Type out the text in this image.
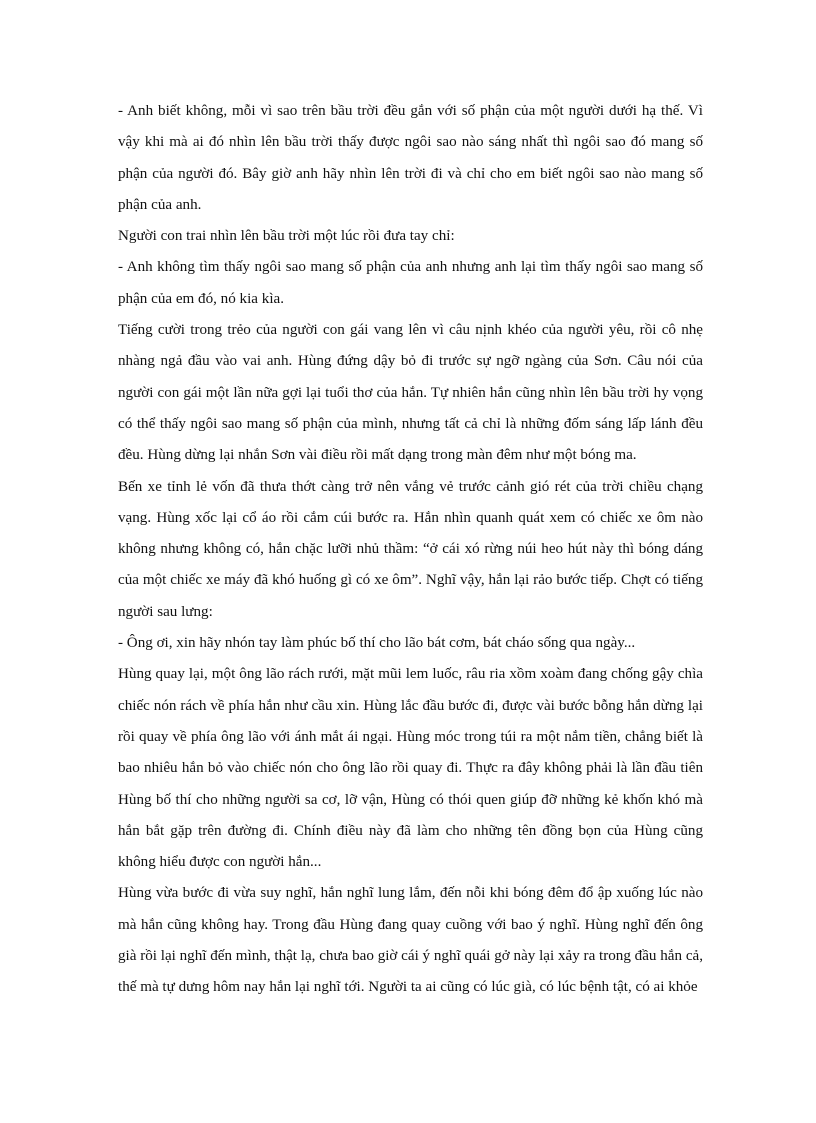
- Anh biết không, mỗi vì sao trên bầu trời đều gắn với số phận của một người dưới hạ thế. Vì vậy khi mà ai đó nhìn lên bầu trời thấy được ngôi sao nào sáng nhất thì ngôi sao đó mang số phận của người đó. Bây giờ anh hãy nhìn lên trời đi và chỉ cho em biết ngôi sao nào mang số phận của anh.

Người con trai nhìn lên bầu trời một lúc rồi đưa tay chỉ:

- Anh không tìm thấy ngôi sao mang số phận của anh nhưng anh lại tìm thấy ngôi sao mang số phận của em đó, nó kia kìa.

Tiếng cười trong trẻo của người con gái vang lên vì câu nịnh khéo của người yêu, rồi cô nhẹ nhàng ngả đầu vào vai anh. Hùng đứng dậy bỏ đi trước sự ngỡ ngàng của Sơn. Câu nói của người con gái một lần nữa gợi lại tuổi thơ của hắn. Tự nhiên hắn cũng nhìn lên bầu trời hy vọng có thể thấy ngôi sao mang số phận của mình, nhưng tất cả chỉ là những đốm sáng lấp lánh đều đều. Hùng dừng lại nhắn Sơn vài điều rồi mất dạng trong màn đêm như một bóng ma.

Bến xe tỉnh lẻ vốn đã thưa thớt càng trở nên vắng vẻ trước cảnh gió rét của trời chiều chạng vạng. Hùng xốc lại cổ áo rồi cắm cúi bước ra. Hắn nhìn quanh quát xem có chiếc xe ôm nào không nhưng không có, hắn chặc lưỡi nhủ thầm: “ở cái xó rừng núi heo hút này thì bóng dáng của một chiếc xe máy đã khó huống gì có xe ôm”. Nghĩ vậy, hắn lại rảo bước tiếp. Chợt có tiếng người sau lưng:

- Ông ơi, xin hãy nhón tay làm phúc bố thí cho lão bát cơm, bát cháo sống qua ngày...

Hùng quay lại, một ông lão rách rưới, mặt mũi lem luốc, râu ria xồm xoàm đang chống gậy chìa chiếc nón rách về phía hắn như cầu xin. Hùng lắc đầu bước đi, được vài bước bỗng hắn dừng lại rồi quay về phía ông lão với ánh mắt ái ngại. Hùng móc trong túi ra một nắm tiền, chẳng biết là bao nhiêu hắn bỏ vào chiếc nón cho ông lão rồi quay đi. Thực ra đây không phải là lần đầu tiên Hùng bố thí cho những người sa cơ, lỡ vận, Hùng có thói quen giúp đỡ những kẻ khốn khó mà hắn bắt gặp trên đường đi. Chính điều này đã làm cho những tên đồng bọn của Hùng cũng không hiểu được con người hắn...

Hùng vừa bước đi vừa suy nghĩ, hắn nghĩ lung lắm, đến nỗi khi bóng đêm đổ ập xuống lúc nào mà hắn cũng không hay. Trong đầu Hùng đang quay cuồng với bao ý nghĩ. Hùng nghĩ đến ông già rồi lại nghĩ đến mình, thật lạ, chưa bao giờ cái ý nghĩ quái gở này lại xảy ra trong đầu hắn cả, thế mà tự dưng hôm nay hắn lại nghĩ tới. Người ta ai cũng có lúc già, có lúc bệnh tật, có ai khỏe
